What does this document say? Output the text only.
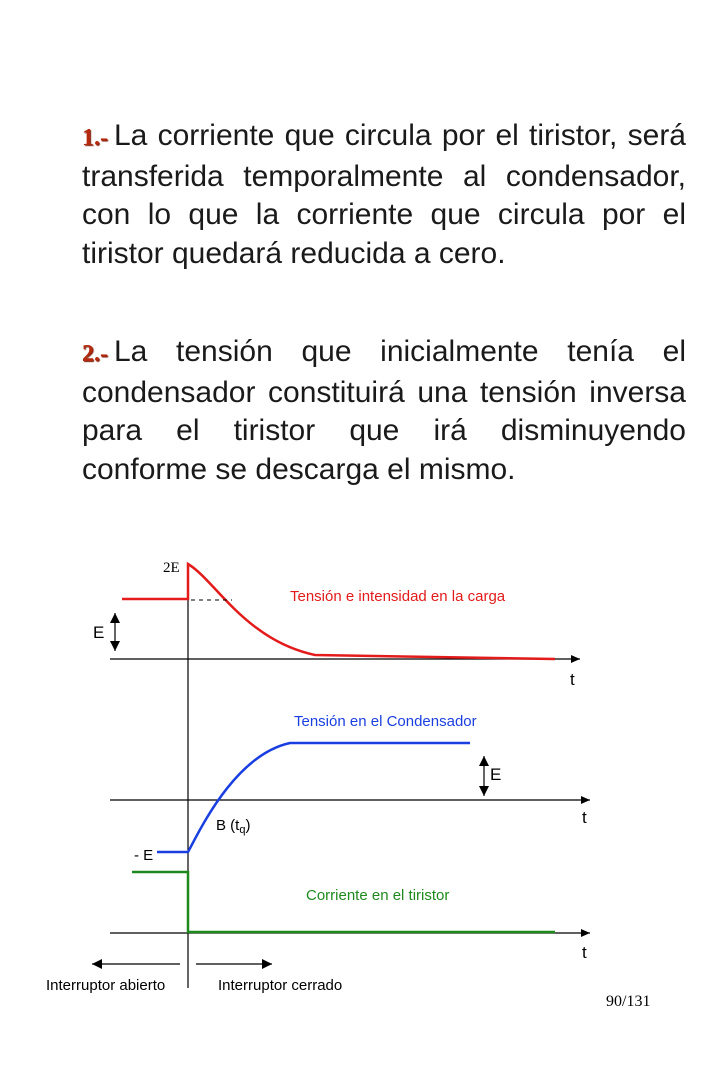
1.- La corriente que circula por el tiristor, será transferida temporalmente al condensador, con lo que la corriente que circula por el tiristor quedará reducida a cero.

2.- La tensión que inicialmente tenía el condensador constituirá una tensión inversa para el tiristor que irá disminuyendo conforme se descarga el mismo.

E
2E
Tensión e intensidad en la carga
t
E
- E
Tensión en el Condensador
B $(t_q)$	t
Corriente en el tiristor
t
Interruptor abierto	Interruptor cerrado
90/131
